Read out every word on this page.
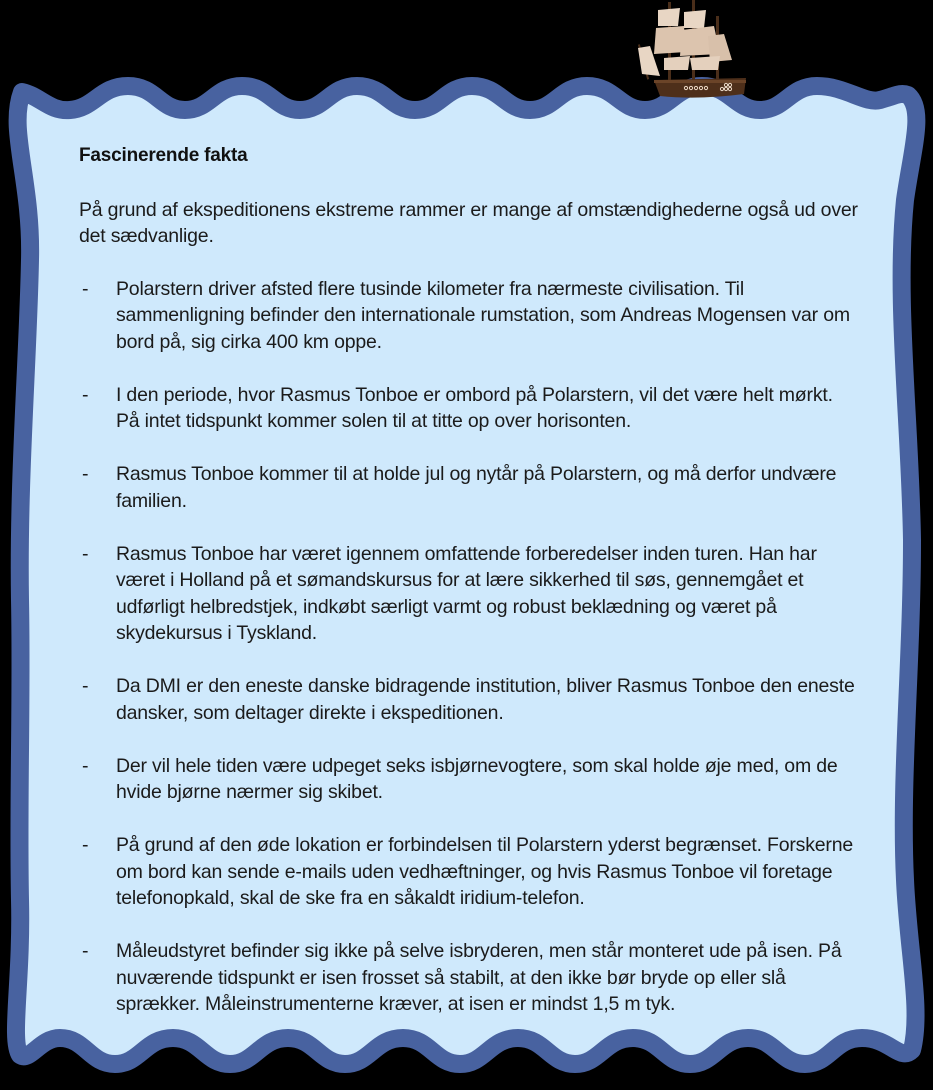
Fascinerende fakta

På grund af ekspeditionens ekstreme rammer er mange af omstændighederne også ud over det sædvanlige.

- Polarstern driver afsted flere tusinde kilometer fra nærmeste civilisation. Til sammenligning befinder den internationale rumstation, som Andreas Mogensen var om bord på, sig cirka 400 km oppe.
- I den periode, hvor Rasmus Tonboe er ombord på Polarstern, vil det være helt mørkt. På intet tidspunkt kommer solen til at titte op over horisonten.
- Rasmus Tonboe kommer til at holde jul og nytår på Polarstern, og må derfor undvære familien.
- Rasmus Tonboe har været igennem omfattende forberedelser inden turen. Han har været i Holland på et sømandskursus for at lære sikkerhed til søs, gennemgået et udførligt helbredstjek, indkøbt særligt varmt og robust beklædning og været på skydekursus i Tyskland.
- Da DMI er den eneste danske bidragende institution, bliver Rasmus Tonboe den eneste dansker, som deltager direkte i ekspeditionen.
- Der vil hele tiden være udpeget seks isbjørnevogtere, som skal holde øje med, om de hvide bjørne nærmer sig skibet.
- På grund af den øde lokation er forbindelsen til Polarstern yderst begrænset. Forskerne om bord kan sende e-mails uden vedhæftninger, og hvis Rasmus Tonboe vil foretage telefonopkald, skal de ske fra en såkaldt iridium-telefon.
- Måleudstyret befinder sig ikke på selve isbryderen, men står monteret ude på isen. På nuværende tidspunkt er isen frosset så stabilt, at den ikke bør bryde op eller slå sprækker. Måleinstrumenterne kræver, at isen er mindst 1,5 m tyk.
